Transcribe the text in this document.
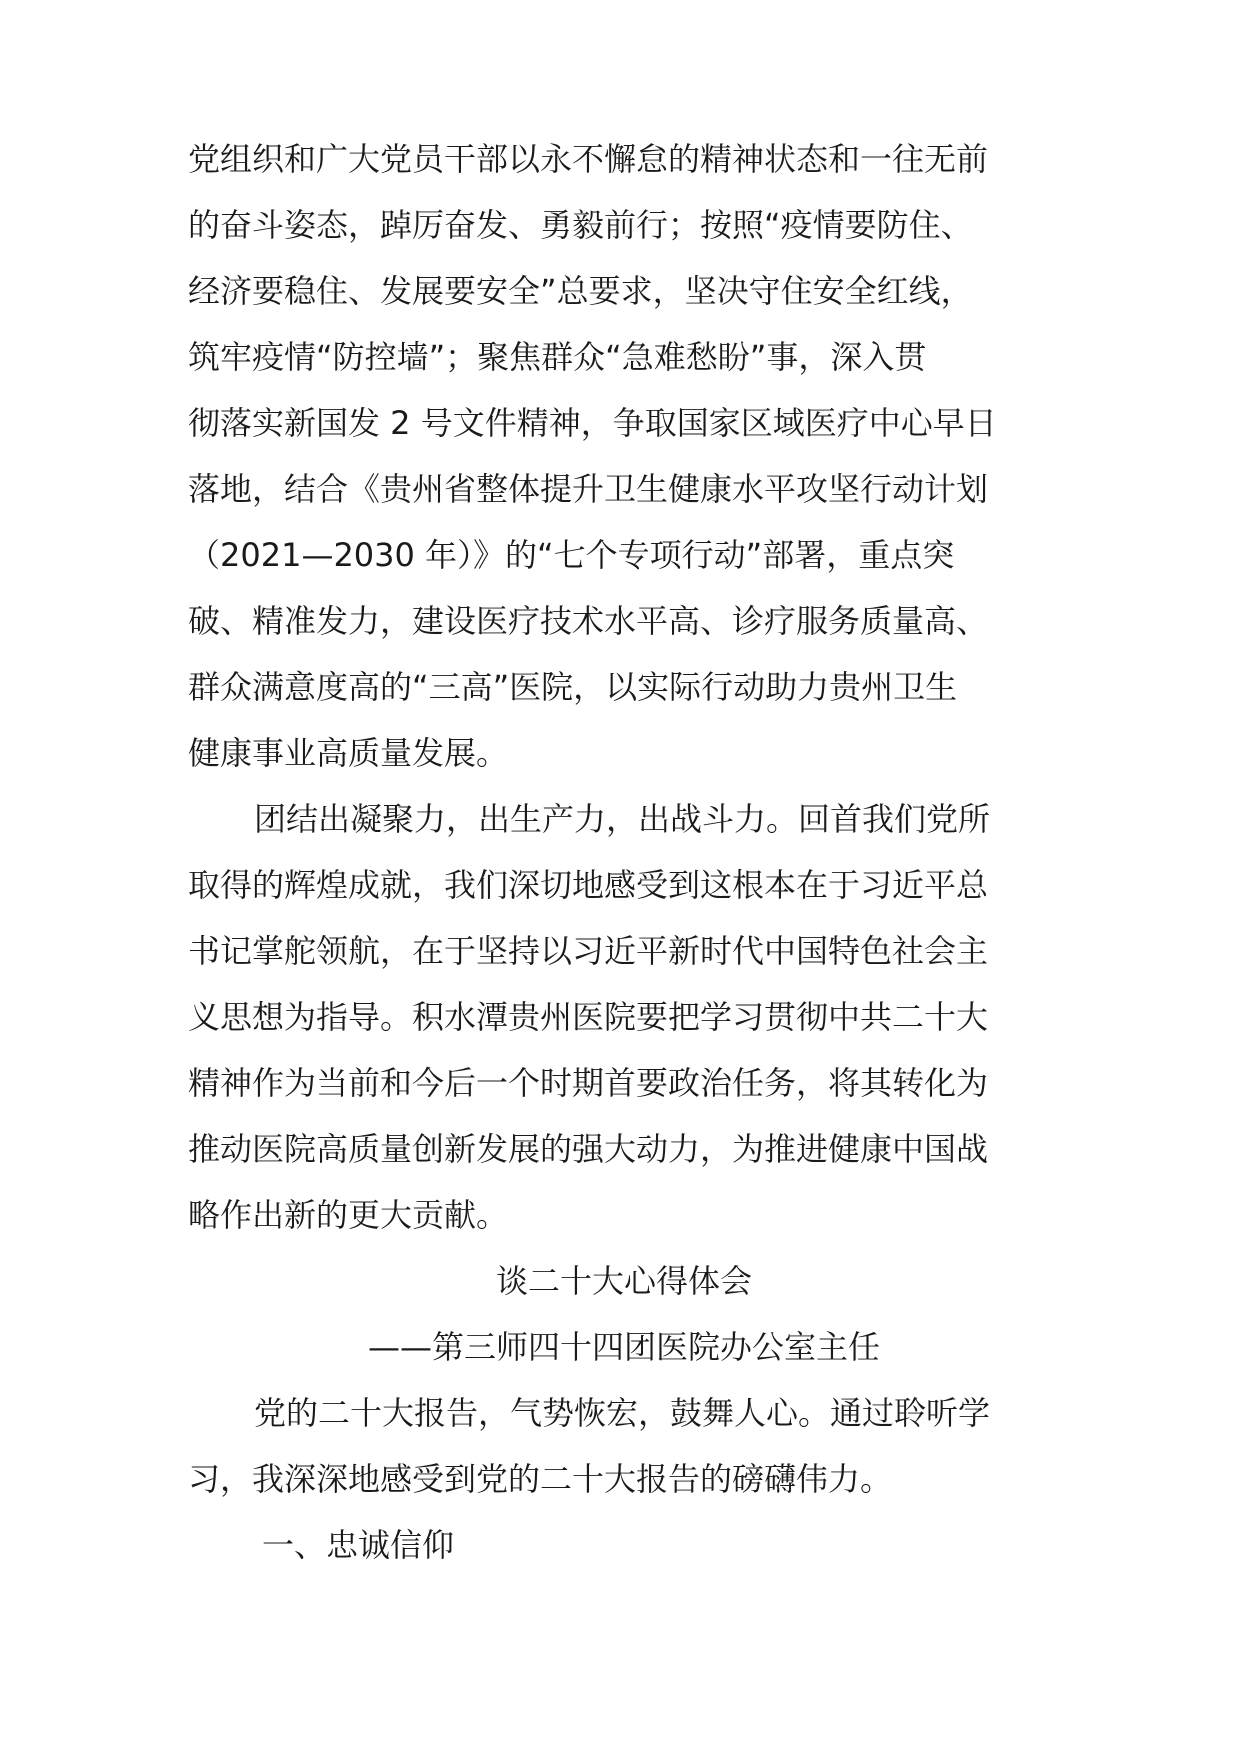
党组织和广大党员干部以永不懈怠的精神状态和一往无前
的奋斗姿态，踔厉奋发、勇毅前行；按照“疫情要防住、
经济要稳住、发展要安全”总要求，坚决守住安全红线，
筑牢疫情“防控墙”；聚焦群众“急难愁盼”事，深入贯
彻落实新国发 2 号文件精神，争取国家区域医疗中心早日
落地，结合《贵州省整体提升卫生健康水平攻坚行动计划
（2021—2030 年）》的“七个专项行动”部署，重点突
破、精准发力，建设医疗技术水平高、诊疗服务质量高、
群众满意度高的“三高”医院，以实际行动助力贵州卫生
健康事业高质量发展。
团结出凝聚力，出生产力，出战斗力。回首我们党所
取得的辉煌成就，我们深切地感受到这根本在于习近平总
书记掌舵领航，在于坚持以习近平新时代中国特色社会主
义思想为指导。积水潭贵州医院要把学习贯彻中共二十大
精神作为当前和今后一个时期首要政治任务，将其转化为
推动医院高质量创新发展的强大动力，为推进健康中国战
略作出新的更大贡献。
谈二十大心得体会
——第三师四十四团医院办公室主任
党的二十大报告，气势恢宏，鼓舞人心。通过聆听学
习，我深深地感受到党的二十大报告的磅礴伟力。
一、忠诚信仰
